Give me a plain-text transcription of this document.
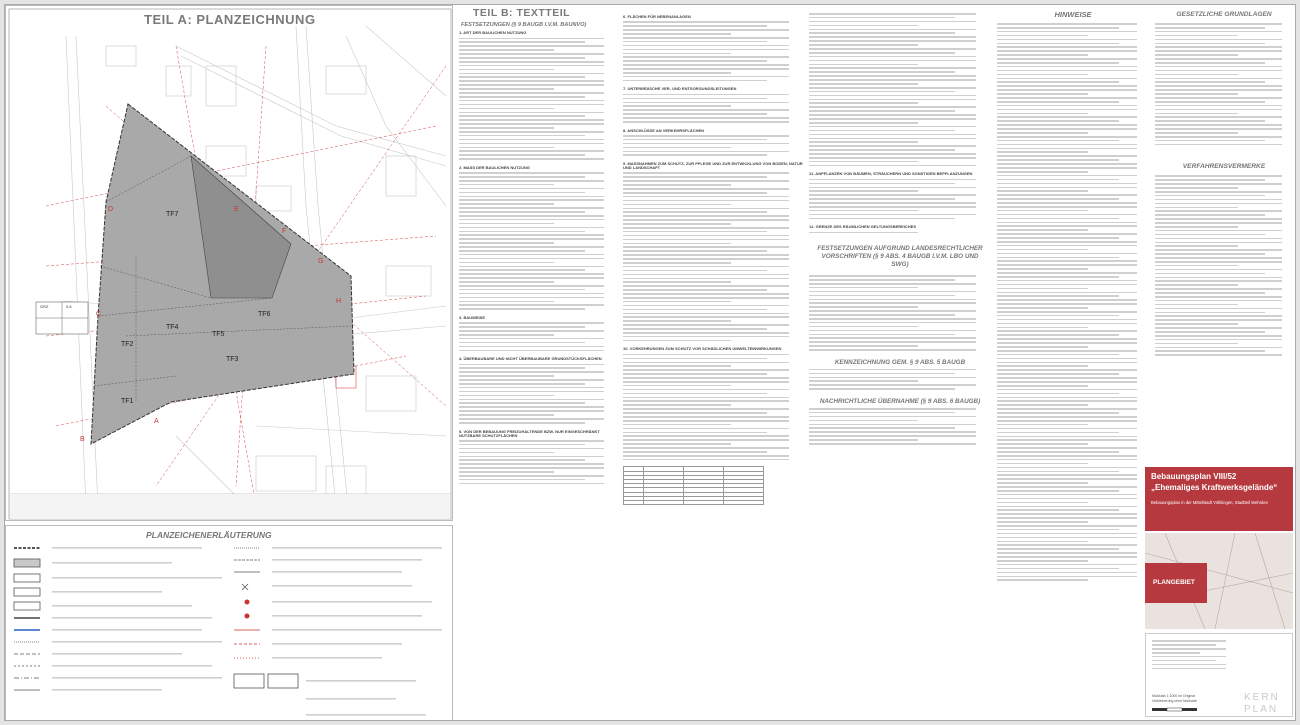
TEIL A: PLANZEICHNUNG
TF7
TF6
TF5
TF4
TF3
TF2
TF1
A
B
C
D	E
G
F
H
GRZ	0,6
PLANZEICHENERLÄUTERUNG
TEIL B: TEXTTEIL
FESTSETZUNGEN (§ 9 BAUGB I.V.M. BAUNVO)
1. ART DER BAULICHEN NUTZUNG
2. MASS DER BAULICHEN NUTZUNG
3. BAUWEISE
4. ÜBERBAUBARE UND NICHT ÜBERBAUBARE GRUNDSTÜCKSFLÄCHEN
5. VON DER BEBAUUNG FREIZUHALTENDE BZW. NUR EINGESCHRÄNKT NUTZBARE SCHUTZFLÄCHEN
6. FLÄCHEN FÜR NEBENANLAGEN
7. UNTERIRDISCHE VER- UND ENTSORGUNGSLEITUNGEN
8. ANSCHLÜSSE AN VERKEHRSFLÄCHEN
9. MASSNAHMEN ZUM SCHUTZ, ZUR PFLEGE UND ZUR ENTWICKLUNG VON BODEN, NATUR UND LANDSCHAFT
10. VORKEHRUNGEN ZUM SCHUTZ VOR SCHÄDLICHEN UMWELTEINWIRKUNGEN

11. ANPFLANZEN VON BÄUMEN, STRÄUCHERN UND SONSTIGEN BEPFLANZUNGEN
12. GRENZE DES RÄUMLICHEN GELTUNGSBEREICHES
FESTSETZUNGEN AUFGRUND LANDESRECHTLICHER VORSCHRIFTEN (§ 9 ABS. 4 BAUGB I.V.M. LBO UND SWG)
KENNZEICHNUNG GEM. § 9 ABS. 5 BAUGB
NACHRICHTLICHE ÜBERNAHME (§ 9 ABS. 6 BAUGB)
HINWEISE	GESETZLICHE GRUNDLAGEN
VERFAHRENSVERMERKE
Bebauungsplan VIII/52
„Ehemaliges Kraftwerksgelände“
Bebauungsplan in der Mittelstadt Völklingen, Stadtteil Wehrden
PLANGEBIET
Maßstab 1:1000 im Original
Verkleinerung ohne Maßstab	KERN PLAN
